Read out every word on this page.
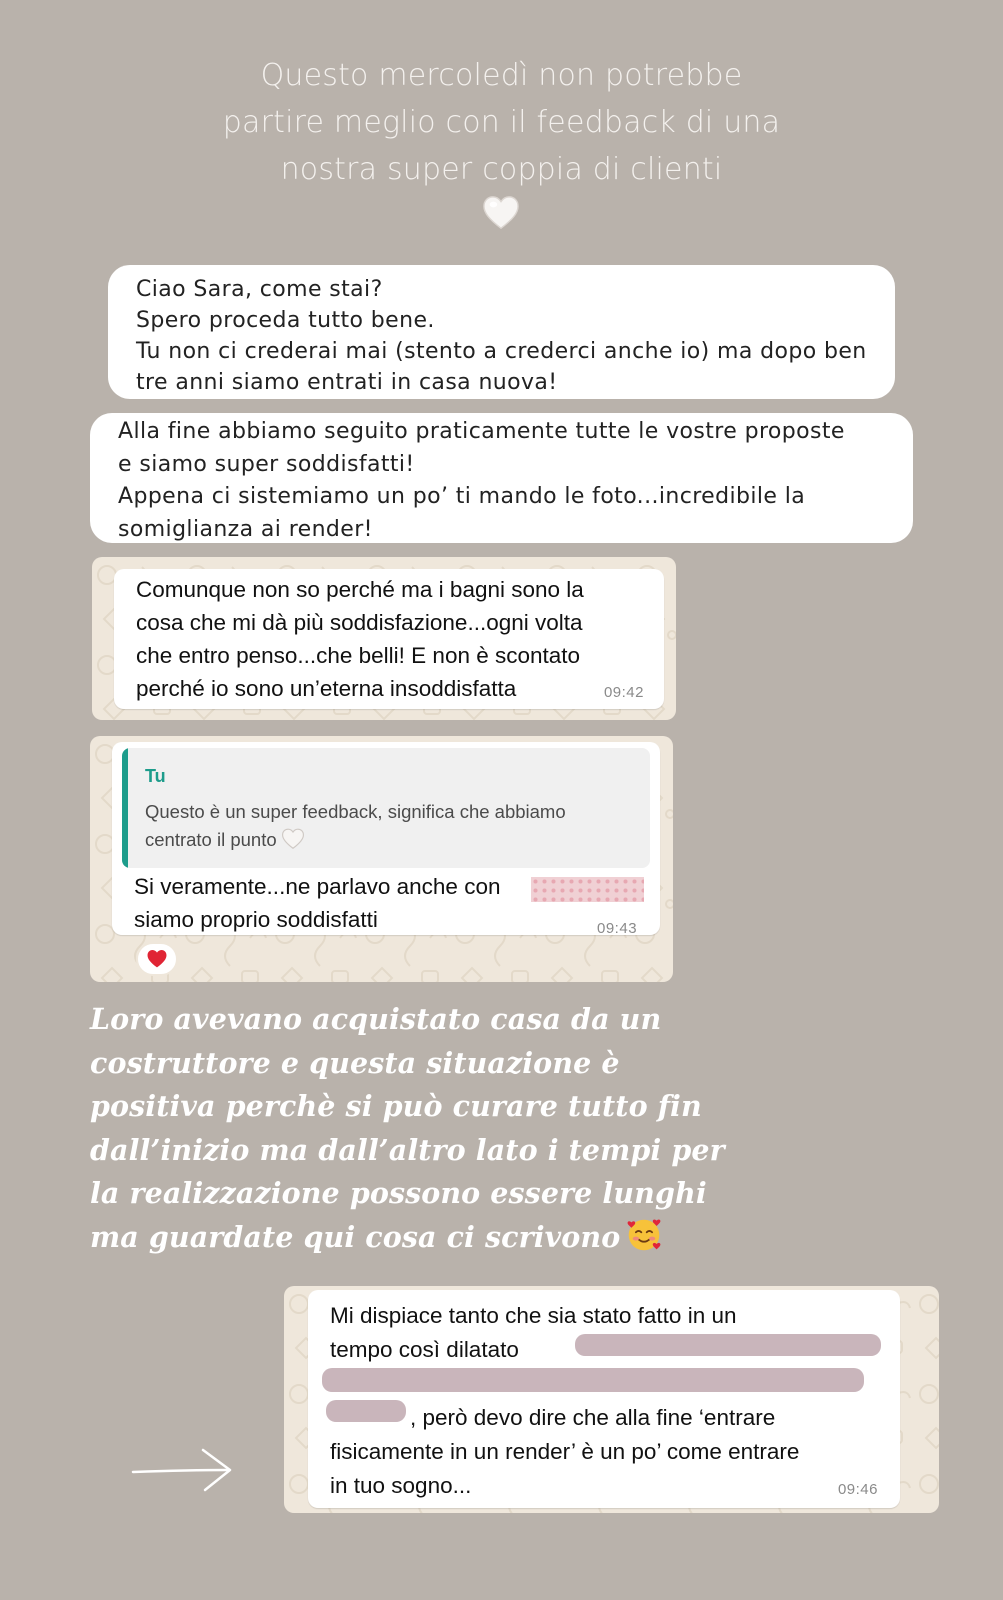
Questo mercoledì non potrebbe
partire meglio con il feedback di una
nostra super coppia di clienti
Ciao Sara, come stai?
Spero proceda tutto bene.
Tu non ci crederai mai (stento a crederci anche io) ma dopo ben
tre anni siamo entrati in casa nuova!
Alla fine abbiamo seguito praticamente tutte le vostre proposte
e siamo super soddisfatti!
Appena ci sistemiamo un po’ ti mando le foto...incredibile la
somiglianza ai render!
Comunque non so perché ma i bagni sono la
cosa che mi dà più soddisfazione...ogni volta
che entro penso...che belli! E non è scontato
perché io sono un’eterna insoddisfatta	09:42
Tu
Questo è un super feedback, significa che abbiamo
centrato il punto
Si veramente...ne parlavo anche con
siamo proprio soddisfatti	09:43
Loro avevano acquistato casa da un
costruttore e questa situazione è
positiva perchè si può curare tutto fin
dall’inizio ma dall’altro lato i tempi per
la realizzazione possono essere lunghi
ma guardate qui cosa ci scrivono
Mi dispiace tanto che sia stato fatto in un
tempo così dilatato
, però devo dire che alla fine ‘entrare
fisicamente in un render’ è un po’ come entrare
in tuo sogno...	09:46
